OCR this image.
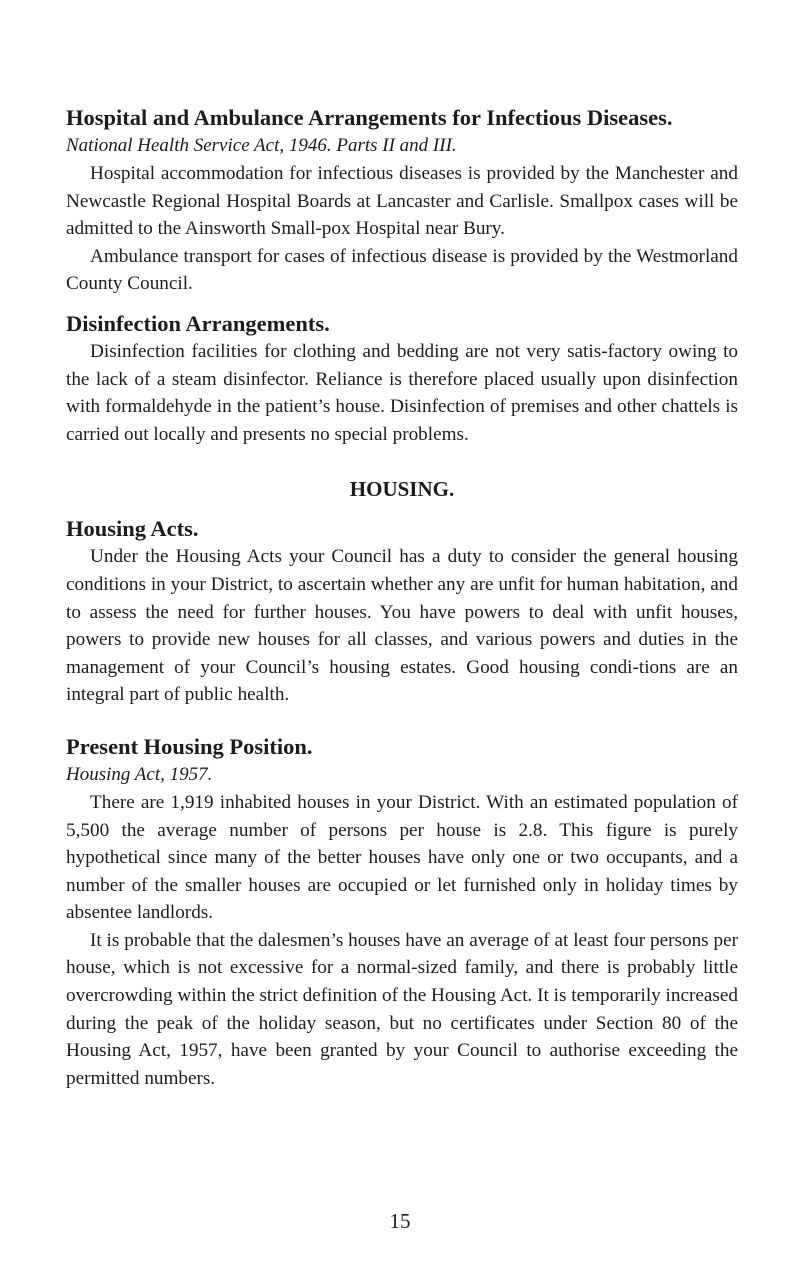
Hospital and Ambulance Arrangements for Infectious Diseases.

National Health Service Act, 1946. Parts II and III.

Hospital accommodation for infectious diseases is provided by the Manchester and Newcastle Regional Hospital Boards at Lancaster and Carlisle. Smallpox cases will be admitted to the Ainsworth Small-pox Hospital near Bury.

Ambulance transport for cases of infectious disease is provided by the Westmorland County Council.

Disinfection Arrangements.

Disinfection facilities for clothing and bedding are not very satis-factory owing to the lack of a steam disinfector. Reliance is therefore placed usually upon disinfection with formaldehyde in the patient’s house. Disinfection of premises and other chattels is carried out locally and presents no special problems.

HOUSING.
Housing Acts.

Under the Housing Acts your Council has a duty to consider the general housing conditions in your District, to ascertain whether any are unfit for human habitation, and to assess the need for further houses. You have powers to deal with unfit houses, powers to provide new houses for all classes, and various powers and duties in the management of your Council’s housing estates. Good housing condi-tions are an integral part of public health.

Present Housing Position.

Housing Act, 1957.

There are 1,919 inhabited houses in your District. With an estimated population of 5,500 the average number of persons per house is 2.8. This figure is purely hypothetical since many of the better houses have only one or two occupants, and a number of the smaller houses are occupied or let furnished only in holiday times by absentee landlords.

It is probable that the dalesmen’s houses have an average of at least four persons per house, which is not excessive for a normal-sized family, and there is probably little overcrowding within the strict definition of the Housing Act. It is temporarily increased during the peak of the holiday season, but no certificates under Section 80 of the Housing Act, 1957, have been granted by your Council to authorise exceeding the permitted numbers.

15
